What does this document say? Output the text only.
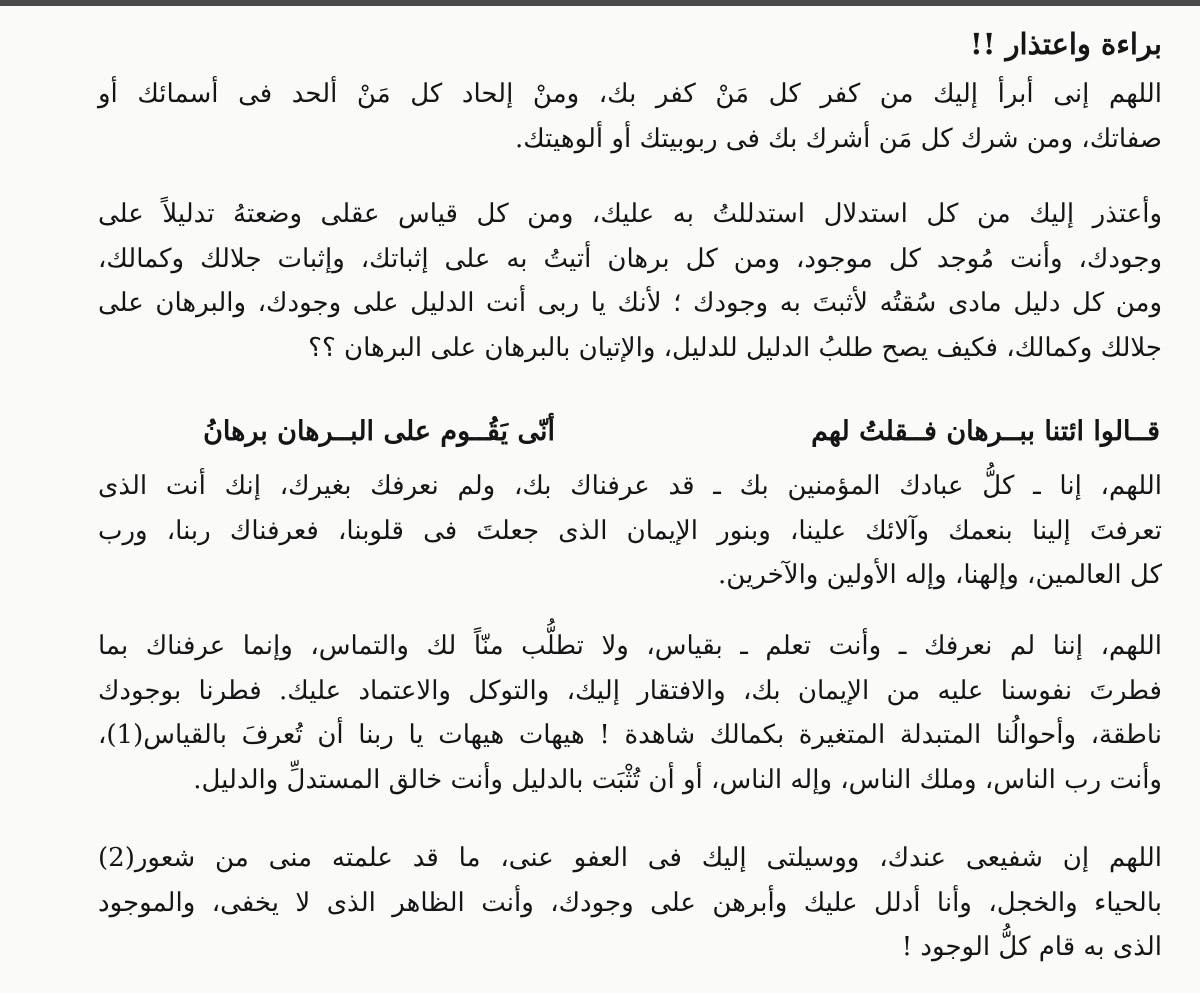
براءة واعتذار !!
اللهم إنى أبرأ إليك من كفر كل مَنْ كفر بك، ومنْ إلحاد كل مَنْ ألحد فى أسمائك أو
صفاتك، ومن شرك كل مَن أشرك بك فى ربوبيتك أو ألوهيتك.
وأعتذر إليك من كل استدلال استدللتُ به عليك، ومن كل قياس عقلى وضعتهُ تدليلاً على
وجودك، وأنت مُوجد كل موجود، ومن كل برهان أتيتُ به على إثباتك، وإثبات جلالك وكمالك،
ومن كل دليل مادى سُقتُه لأثبتَ به وجودك ؛ لأنك يا ربى أنت الدليل على وجودك، والبرهان على
جلالك وكمالك، فكيف يصح طلبُ الدليل للدليل، والإتيان بالبرهان على البرهان ؟؟
قــالوا ائتنا ببــرهان فــقلتُ لهم
أنّى يَقُــوم على البــرهان برهانُ
اللهم، إنا ـ كلُّ عبادك المؤمنين بك ـ قد عرفناك بك، ولم نعرفك بغيرك، إنك أنت الذى
تعرفتَ إلينا بنعمك وآلائك علينا، وبنور الإيمان الذى جعلتَ فى قلوبنا، فعرفناك ربنا، ورب
كل العالمين، وإلهنا، وإله الأولين والآخرين.
اللهم، إننا لم نعرفك ـ وأنت تعلم ـ بقياس، ولا تطلُّب منّاً لك والتماس، وإنما عرفناك بما
فطرتَ نفوسنا عليه من الإيمان بك، والافتقار إليك، والتوكل والاعتماد عليك. فطرنا بوجودك
ناطقة، وأحوالُنا المتبدلة المتغيرة بكمالك شاهدة ! هيهات هيهات يا ربنا أن تُعرفَ بالقياس(1)،
وأنت رب الناس، وملك الناس، وإله الناس، أو أن تُثْبَت بالدليل وأنت خالق المستدلِّ والدليل.
اللهم إن شفيعى عندك، ووسيلتى إليك فى العفو عنى، ما قد علمته منى من شعور(2)
بالحياء والخجل، وأنا أدلل عليك وأبرهن على وجودك، وأنت الظاهر الذى لا يخفى، والموجود
الذى به قام كلُّ الوجود !
